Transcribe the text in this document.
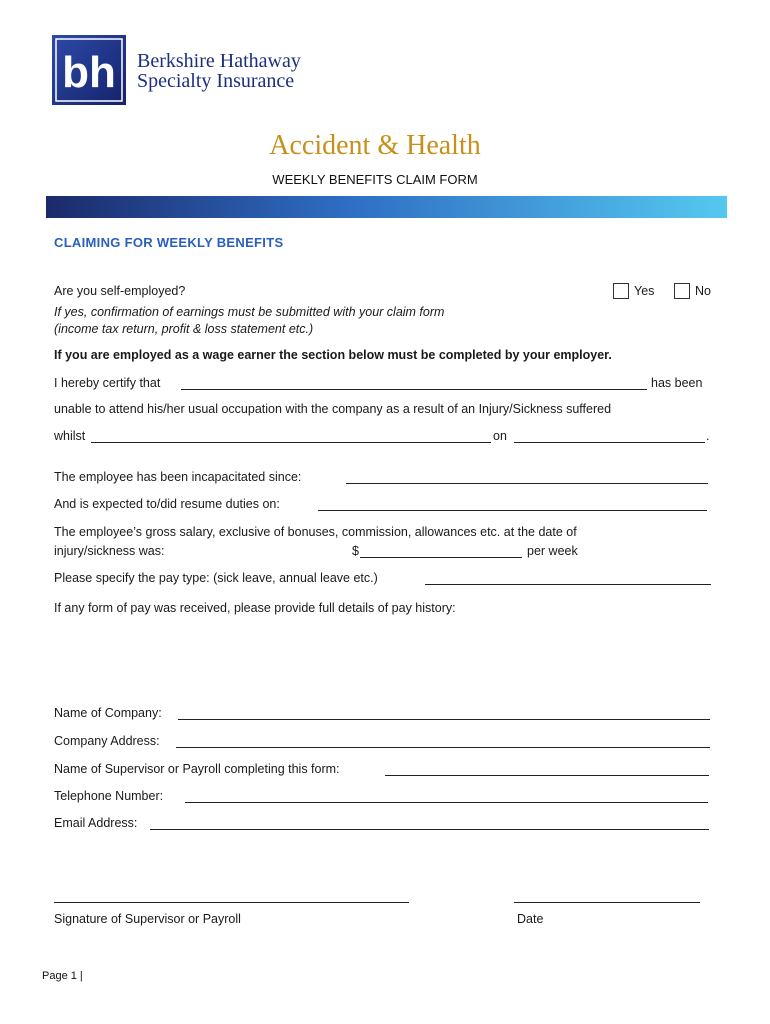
bh Berkshire Hathaway
Specialty Insurance
Accident & Health
WEEKLY BENEFITS CLAIM FORM
CLAIMING FOR WEEKLY BENEFITS
Are you self-employed?	Yes	No
If yes, confirmation of earnings must be submitted with your claim form
(income tax return, profit & loss statement etc.)
If you are employed as a wage earner the section below must be completed by your employer.
I hereby certify that	has been
unable to attend his/her usual occupation with the company as a result of an Injury/Sickness suffered
whilst	on	.
The employee has been incapacitated since:
And is expected to/did resume duties on:
The employee’s gross salary, exclusive of bonuses, commission, allowances etc. at the date of
injury/sickness was:	$	per week
Please specify the pay type: (sick leave, annual leave etc.)
If any form of pay was received, please provide full details of pay history:
Name of Company:
Company Address:
Name of Supervisor or Payroll completing this form:
Telephone Number:
Email Address:
Signature of Supervisor or Payroll	Date
Page 1 |
